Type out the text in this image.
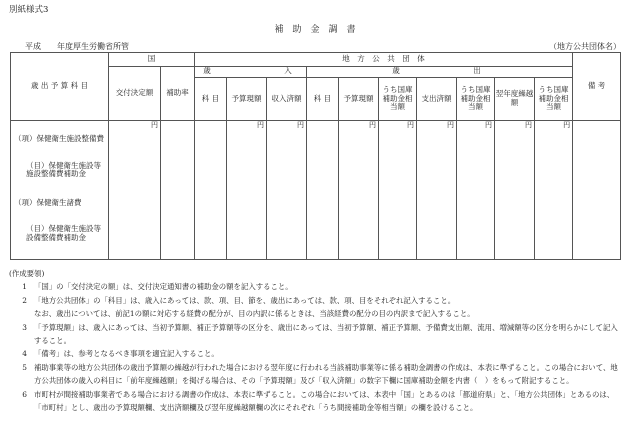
別紙様式3
補　助　金　調　書
平成　　年度厚生労働省所管	（地方公共団体名）
歳 出 予 算 科 目	国		地　方　公　共　団　体										備 考
	交付決定額	補助率	歳　　　　　入			歳　　　　　出							
			科 目	予算現額	収入済額	科 目	予算現額	うち国庫補助金相当額	支出済額	うち国庫補助金相当額	翌年度繰越額	うち国庫補助金相当額	

（項）保健衛生施設整備費
（目）保健衛生施設等施設整備費補助金
（項）保健衛生諸費
（目）保健衛生施設等設備整備費補助金	円			円	円		円	円	円	円	円	円	
(作成要領)
1 「国」の「交付決定の額」は、交付決定通知書の補助金の額を記入すること。
2 「地方公共団体」の「科目」は、歳入にあっては、款、項、目、節を、歳出にあっては、款、項、目をそれぞれ記入すること。
なお、歳出については、前記1の額に対応する経費の配分が、目の内訳に係るときは、当該経費の配分の目の内訳まで記入すること。
3 「予算現額」は、歳入にあっては、当初予算額、補正予算額等の区分を、歳出にあっては、当初予算額、補正予算額、予備費支出額、流用、増減額等の区分を明らかにして記入すること。
4 「備考」は、参考となるべき事項を適宜記入すること。
5 補助事業等の地方公共団体の歳出予算額の繰越が行われた場合における翌年度に行われる当該補助事業等に係る補助金調書の作成は、本表に準ずること。この場合において、地方公共団体の歳入の科目に「前年度繰越額」を掲げる場合は、その「予算現額」及び「収入済額」の数字下欄に国庫補助金額を内書（　）をもって附記すること。
6 市町村が間接補助事業者である場合における調書の作成は、本表に準ずること。この場合においては、本表中「国」とあるのは「都道府県」と、「地方公共団体」とあるのは、「市町村」とし、歳出の予算現額欄、支出済額欄及び翌年度繰越額欄の次にそれぞれ「うち間接補助金等相当額」の欄を設けること。
